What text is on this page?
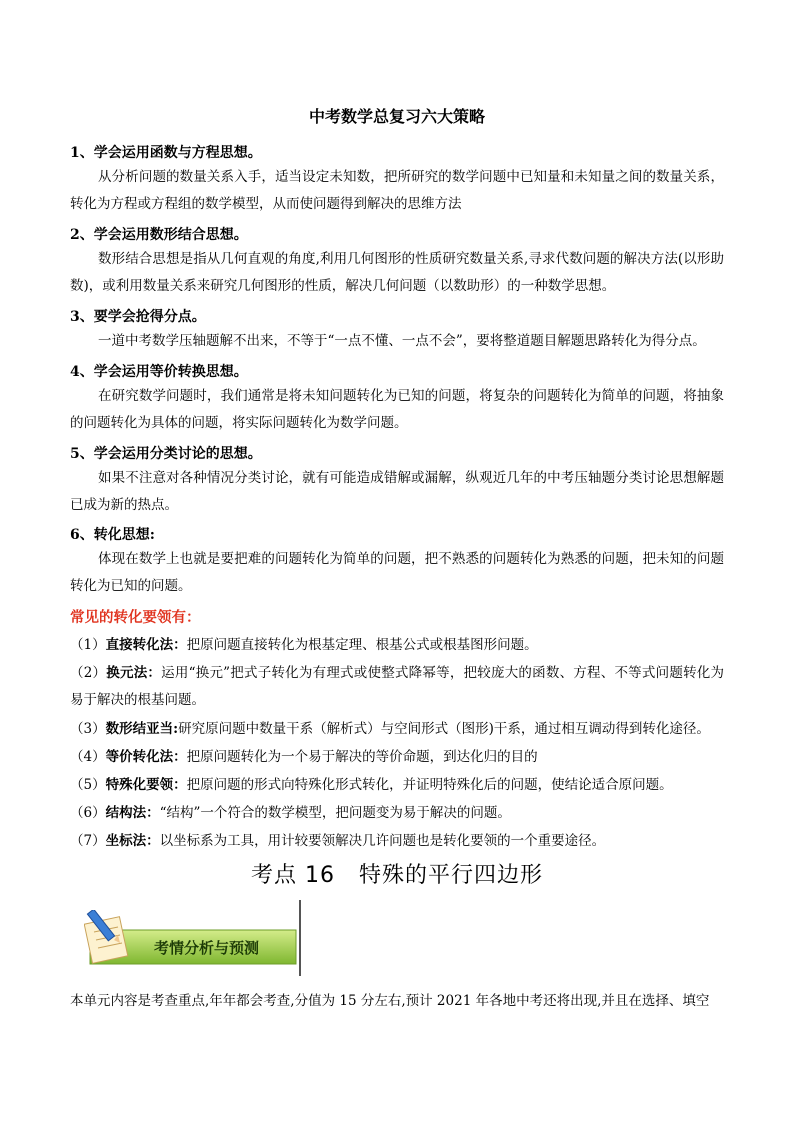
中考数学总复习六大策略
1、学会运用函数与方程思想。
从分析问题的数量关系入手，适当设定未知数，把所研究的数学问题中已知量和未知量之间的数量关系，转化为方程或方程组的数学模型，从而使问题得到解决的思维方法
2、学会运用数形结合思想。
数形结合思想是指从几何直观的角度,利用几何图形的性质研究数量关系,寻求代数问题的解决方法(以形助数)，或利用数量关系来研究几何图形的性质，解决几何问题（以数助形）的一种数学思想。
3、要学会抢得分点。
一道中考数学压轴题解不出来，不等于“一点不懂、一点不会”，要将整道题目解题思路转化为得分点。
4、学会运用等价转换思想。
在研究数学问题时，我们通常是将未知问题转化为已知的问题，将复杂的问题转化为简单的问题，将抽象的问题转化为具体的问题，将实际问题转化为数学问题。
5、学会运用分类讨论的思想。
如果不注意对各种情况分类讨论，就有可能造成错解或漏解，纵观近几年的中考压轴题分类讨论思想解题已成为新的热点。
6、转化思想:
体现在数学上也就是要把难的问题转化为简单的问题，把不熟悉的问题转化为熟悉的问题，把未知的问题转化为已知的问题。
常见的转化要领有：
（1）直接转化法：把原问题直接转化为根基定理、根基公式或根基图形问题。
（2）换元法：运用“换元”把式子转化为有理式或使整式降幂等，把较庞大的函数、方程、不等式问题转化为易于解决的根基问题。
（3）数形结亚当:研究原问题中数量干系（解析式）与空间形式（图形)干系，通过相互调动得到转化途径。
（4）等价转化法：把原问题转化为一个易于解决的等价命题，到达化归的目的
（5）特殊化要领：把原问题的形式向特殊化形式转化，并证明特殊化后的问题，使结论适合原问题。
（6）结构法：“结构”一个符合的数学模型，把问题变为易于解决的问题。
（7）坐标法：以坐标系为工具，用计较要领解决几许问题也是转化要领的一个重要途径。
考点 16 特殊的平行四边形
考情分析与预测
本单元内容是考查重点,年年都会考查,分值为 15 分左右,预计 2021 年各地中考还将出现,并且在选择、填空
